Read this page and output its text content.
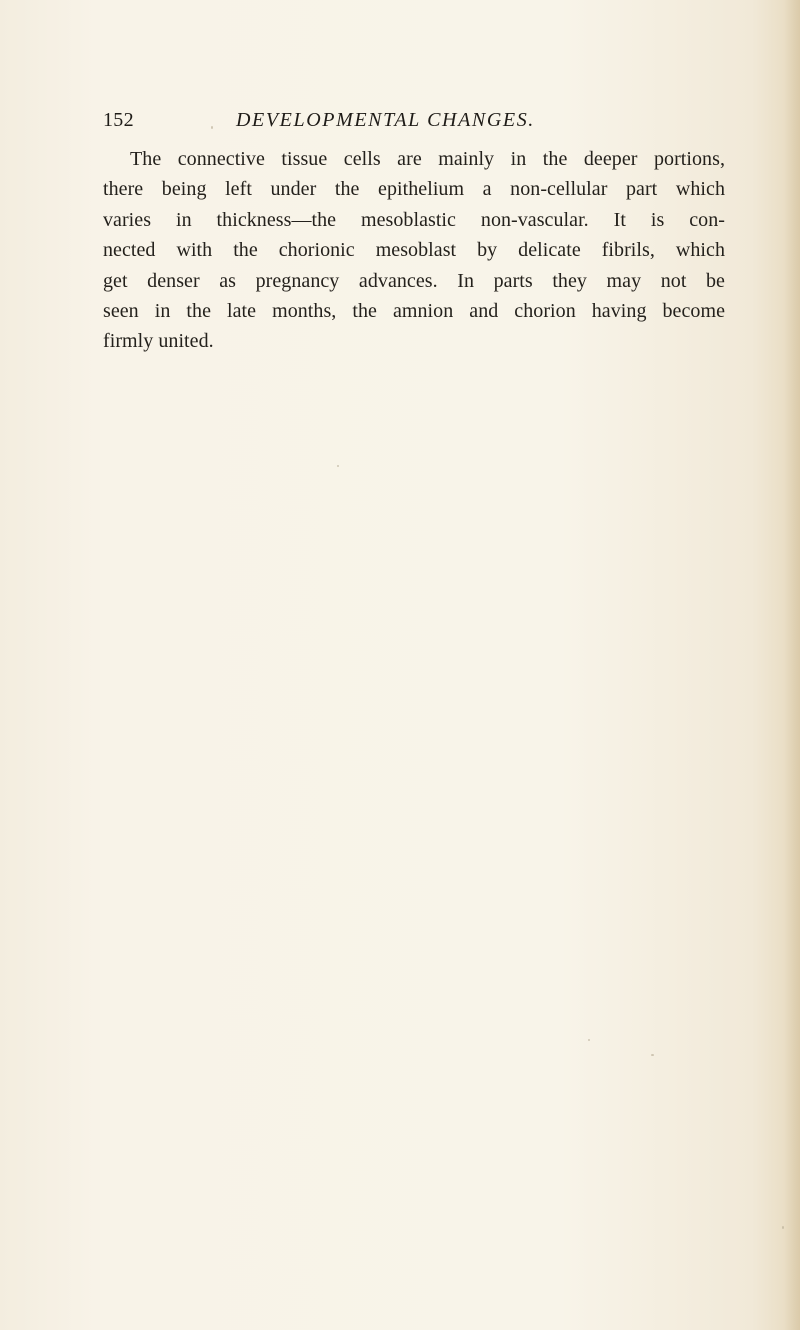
152	DEVELOPMENTAL CHANGES.
The connective tissue cells are mainly in the deeper portions,
there being left under the epithelium a non-cellular part which
varies in thickness—the mesoblastic non-vascular. It is con-
nected with the chorionic mesoblast by delicate fibrils, which
get denser as pregnancy advances. In parts they may not be
seen in the late months, the amnion and chorion having become
firmly united.
